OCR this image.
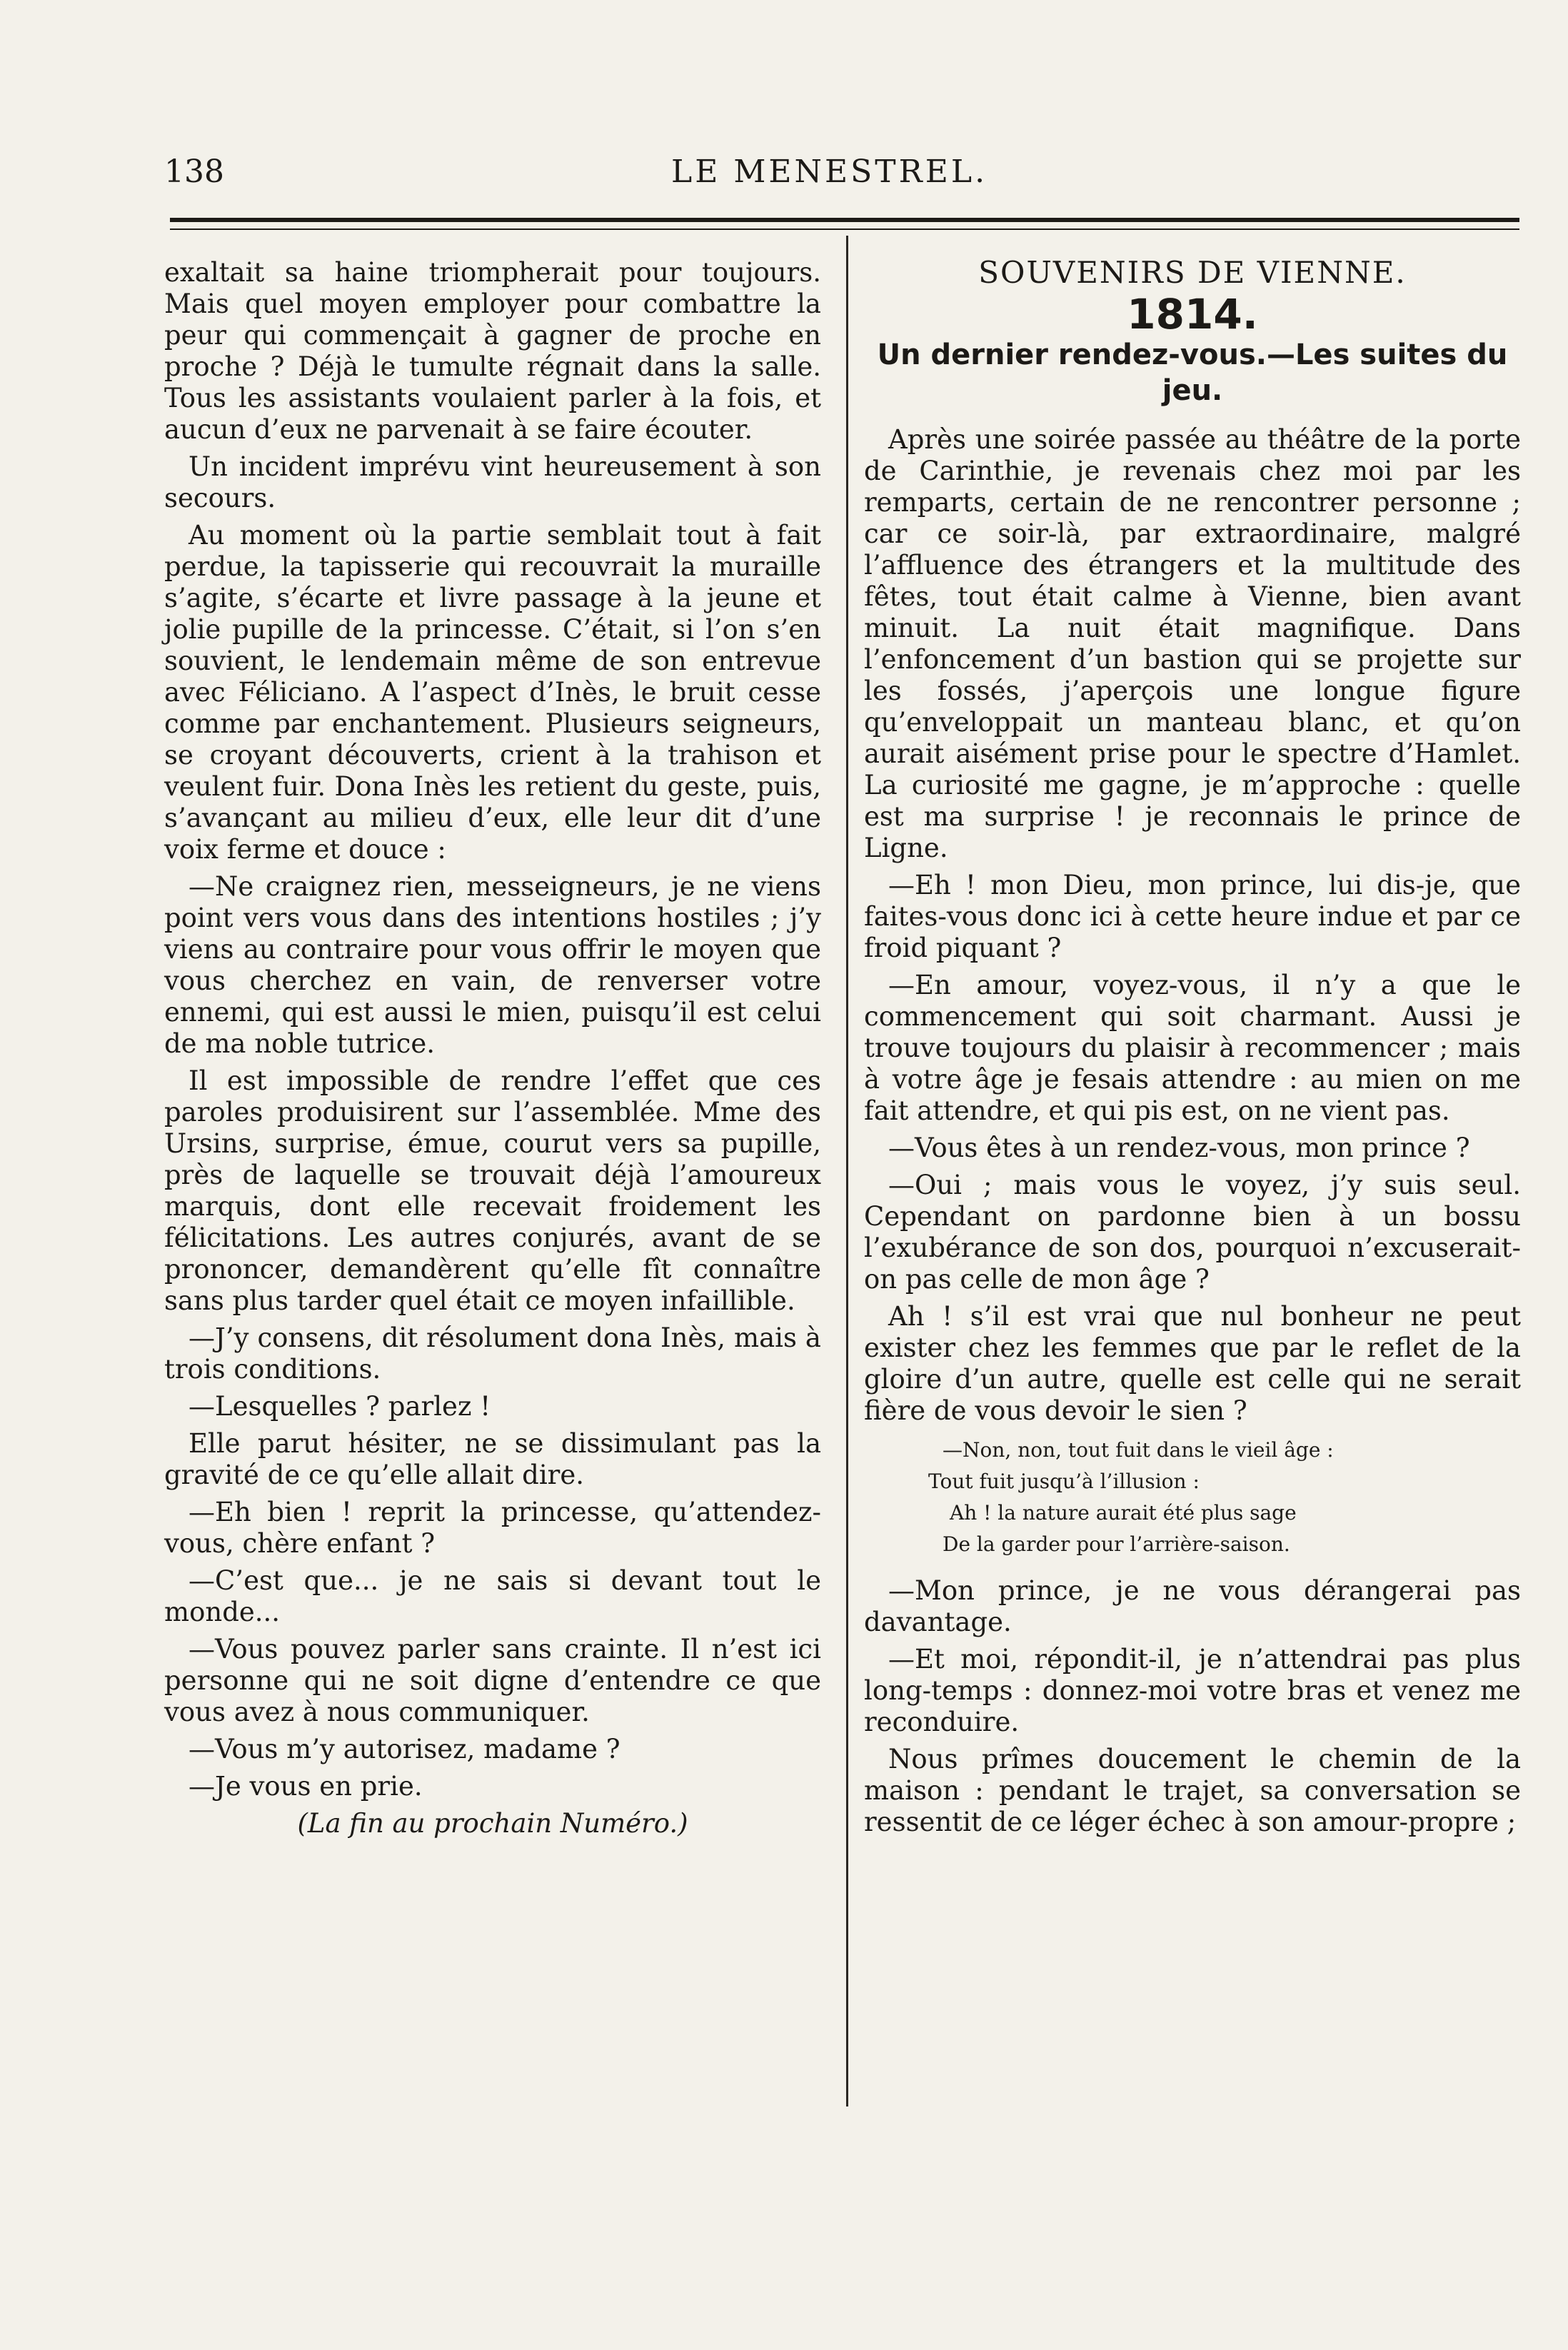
138	LE MENESTREL.

exaltait sa haine triompherait pour toujours. Mais quel moyen employer pour combattre la peur qui commençait à gagner de proche en proche ? Déjà le tumulte régnait dans la salle. Tous les assistants voulaient parler à la fois, et aucun d’eux ne parvenait à se faire écouter.

Un incident imprévu vint heureusement à son secours.

Au moment où la partie semblait tout à fait perdue, la tapisserie qui recouvrait la muraille s’agite, s’écarte et livre passage à la jeune et jolie pupille de la princesse. C’était, si l’on s’en souvient, le lendemain même de son entrevue avec Féliciano. A l’aspect d’Inès, le bruit cesse comme par enchantement. Plusieurs seigneurs, se croyant découverts, crient à la trahison et veulent fuir. Dona Inès les retient du geste, puis, s’avançant au milieu d’eux, elle leur dit d’une voix ferme et douce :

—Ne craignez rien, messeigneurs, je ne viens point vers vous dans des intentions hostiles ; j’y viens au contraire pour vous offrir le moyen que vous cherchez en vain, de renverser votre ennemi, qui est aussi le mien, puisqu’il est celui de ma noble tutrice.

Il est impossible de rendre l’effet que ces paroles produisirent sur l’assemblée. Mme des Ursins, surprise, émue, courut vers sa pupille, près de laquelle se trouvait déjà l’amoureux marquis, dont elle recevait froidement les félicitations. Les autres conjurés, avant de se prononcer, demandèrent qu’elle fît connaître sans plus tarder quel était ce moyen infaillible.

—J’y consens, dit résolument dona Inès, mais à trois conditions.

—Lesquelles ? parlez !

Elle parut hésiter, ne se dissimulant pas la gravité de ce qu’elle allait dire.

—Eh bien ! reprit la princesse, qu’attendez-vous, chère enfant ?

—C’est que... je ne sais si devant tout le monde...

—Vous pouvez parler sans crainte. Il n’est ici personne qui ne soit digne d’entendre ce que vous avez à nous communiquer.

—Vous m’y autorisez, madame ?

—Je vous en prie.

(La fin au prochain Numéro.)

SOUVENIRS DE VIENNE.
1814.
Un dernier rendez-vous.—Les suites du jeu.

Après une soirée passée au théâtre de la porte de Carinthie, je revenais chez moi par les remparts, certain de ne rencontrer personne ; car ce soir-là, par extraordinaire, malgré l’affluence des étrangers et la multitude des fêtes, tout était calme à Vienne, bien avant minuit. La nuit était magnifique. Dans l’enfoncement d’un bastion qui se projette sur les fossés, j’aperçois une longue figure qu’enveloppait un manteau blanc, et qu’on aurait aisément prise pour le spectre d’Hamlet. La curiosité me gagne, je m’approche : quelle est ma surprise ! je reconnais le prince de Ligne.

—Eh ! mon Dieu, mon prince, lui dis-je, que faites-vous donc ici à cette heure indue et par ce froid piquant ?

—En amour, voyez-vous, il n’y a que le commencement qui soit charmant. Aussi je trouve toujours du plaisir à recommencer ; mais à votre âge je fesais attendre : au mien on me fait attendre, et qui pis est, on ne vient pas.

—Vous êtes à un rendez-vous, mon prince ?

—Oui ; mais vous le voyez, j’y suis seul. Cependant on pardonne bien à un bossu l’exubérance de son dos, pourquoi n’excuserait-on pas celle de mon âge ?

Ah ! s’il est vrai que nul bonheur ne peut exister chez les femmes que par le reflet de la gloire d’un autre, quelle est celle qui ne serait fière de vous devoir le sien ?

—Non, non, tout fuit dans le vieil âge :
Tout fuit jusqu’à l’illusion :
Ah ! la nature aurait été plus sage
De la garder pour l’arrière-saison.

—Mon prince, je ne vous dérangerai pas davantage.

—Et moi, répondit-il, je n’attendrai pas plus long-temps : donnez-moi votre bras et venez me reconduire.

Nous prîmes doucement le chemin de la maison : pendant le trajet, sa conversation se ressentit de ce léger échec à son amour-propre ;
